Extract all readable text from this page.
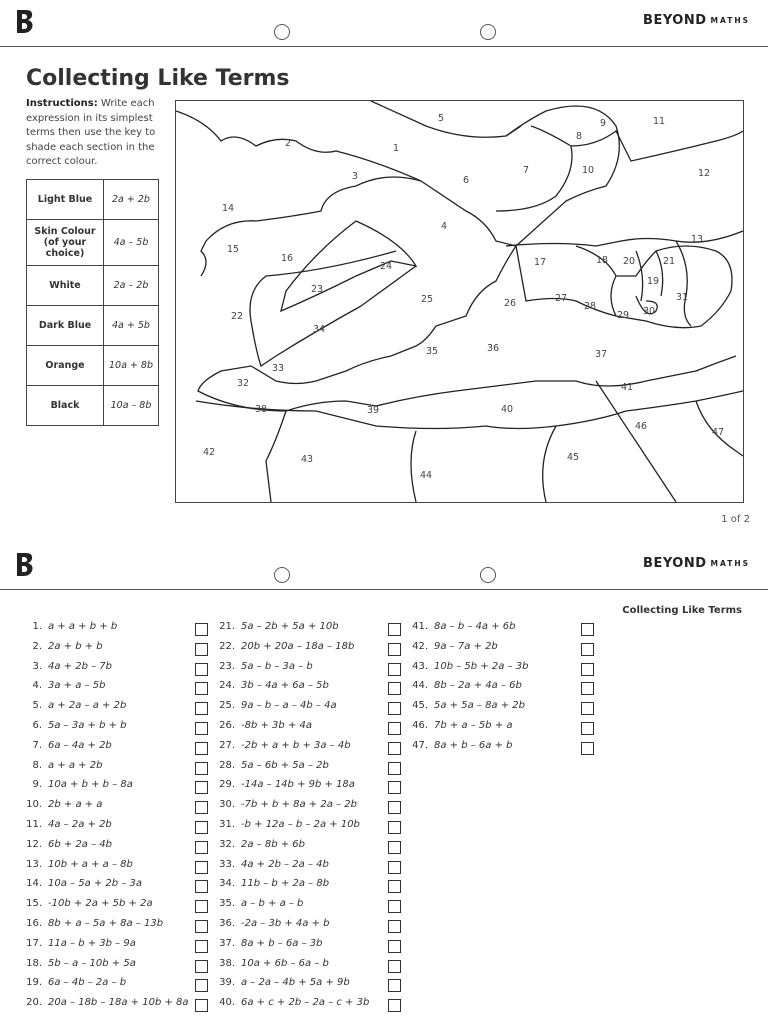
BEYOND MATHS
Collecting Like Terms
Instructions: Write each expression in its simplest terms then use the key to shade each section in the correct colour.
Light Blue	2a + 2b
Skin Colour (of your choice)	4a – 5b
White	2a – 2b
Dark Blue	4a + 5b
Orange	10a + 8b
Black	10a – 8b
1
2
3
4
5
6
7
8
9
10
11
12
13
14
15
16	17	18
19
20	21
22
23
24
25	26	27
28
29 30
31
32
33
34
35	36
37
38	39	40
41
42
43
44
45
46
47
1 of 2
BEYOND MATHS
Collecting Like Terms
1. a + a + b + b
2. 2a + b + b
3. 4a + 2b – 7b
4. 3a + a – 5b
5. a + 2a – a + 2b
6. 5a – 3a + b + b
7. 6a – 4a + 2b
8. a + a + 2b
9. 10a + b + b – 8a
10. 2b + a + a
11. 4a – 2a + 2b
12. 6b + 2a – 4b
13. 10b + a + a – 8b
14. 10a – 5a + 2b – 3a
15. -10b + 2a + 5b + 2a
16. 8b + a – 5a + 8a – 13b
17. 11a – b + 3b – 9a
18. 5b – a – 10b + 5a
19. 6a – 4b – 2a – b
20. 20a – 18b – 18a + 10b + 8a
21. 5a – 2b + 5a + 10b
22. 20b + 20a – 18a – 18b
23. 5a – b – 3a – b
24. 3b – 4a + 6a – 5b
25. 9a – b – a – 4b – 4a
26. -8b + 3b + 4a
27. -2b + a + b + 3a – 4b
28. 5a – 6b + 5a – 2b
29. -14a – 14b + 9b + 18a
30. -7b + b + 8a + 2a – 2b
31. -b + 12a – b – 2a + 10b
32. 2a – 8b + 6b
33. 4a + 2b – 2a – 4b
34. 11b – b + 2a – 8b
35. a – b + a – b
36. -2a – 3b + 4a + b
37. 8a + b – 6a – 3b
38. 10a + 6b – 6a – b
39. a – 2a – 4b + 5a + 9b
40. 6a + c + 2b – 2a – c + 3b
41. 8a – b – 4a + 6b
42. 9a – 7a + 2b
43. 10b – 5b + 2a – 3b
44. 8b – 2a + 4a – 6b
45. 5a + 5a – 8a + 2b
46. 7b + a – 5b + a
47. 8a + b – 6a + b
